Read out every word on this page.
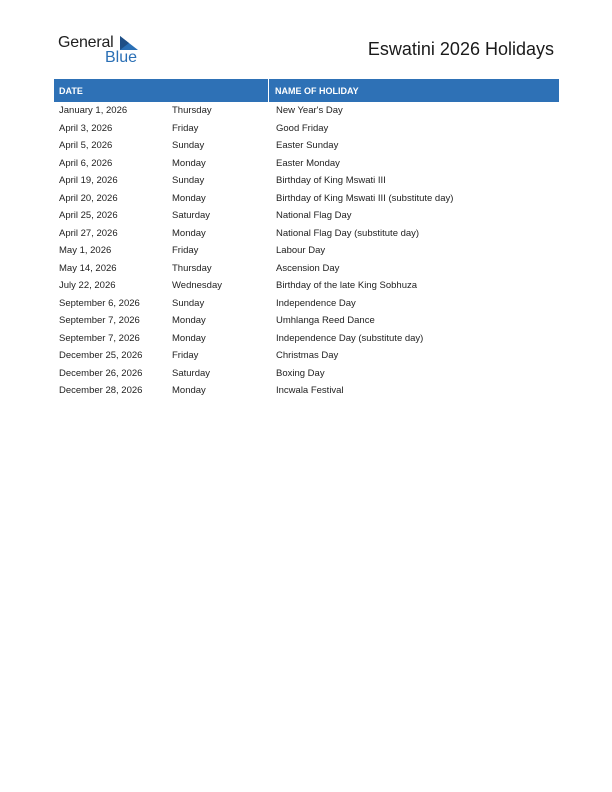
General
Blue	Eswatini 2026 Holidays
DATE	NAME OF HOLIDAY
January 1, 2026	Thursday	New Year's Day
April 3, 2026	Friday	Good Friday
April 5, 2026	Sunday	Easter Sunday
April 6, 2026	Monday	Easter Monday
April 19, 2026	Sunday	Birthday of King Mswati III
April 20, 2026	Monday	Birthday of King Mswati III (substitute day)
April 25, 2026	Saturday	National Flag Day
April 27, 2026	Monday	National Flag Day (substitute day)
May 1, 2026	Friday	Labour Day
May 14, 2026	Thursday	Ascension Day
July 22, 2026	Wednesday	Birthday of the late King Sobhuza
September 6, 2026	Sunday	Independence Day
September 7, 2026	Monday	Umhlanga Reed Dance
September 7, 2026	Monday	Independence Day (substitute day)
December 25, 2026	Friday	Christmas Day
December 26, 2026	Saturday	Boxing Day
December 28, 2026	Monday	Incwala Festival
